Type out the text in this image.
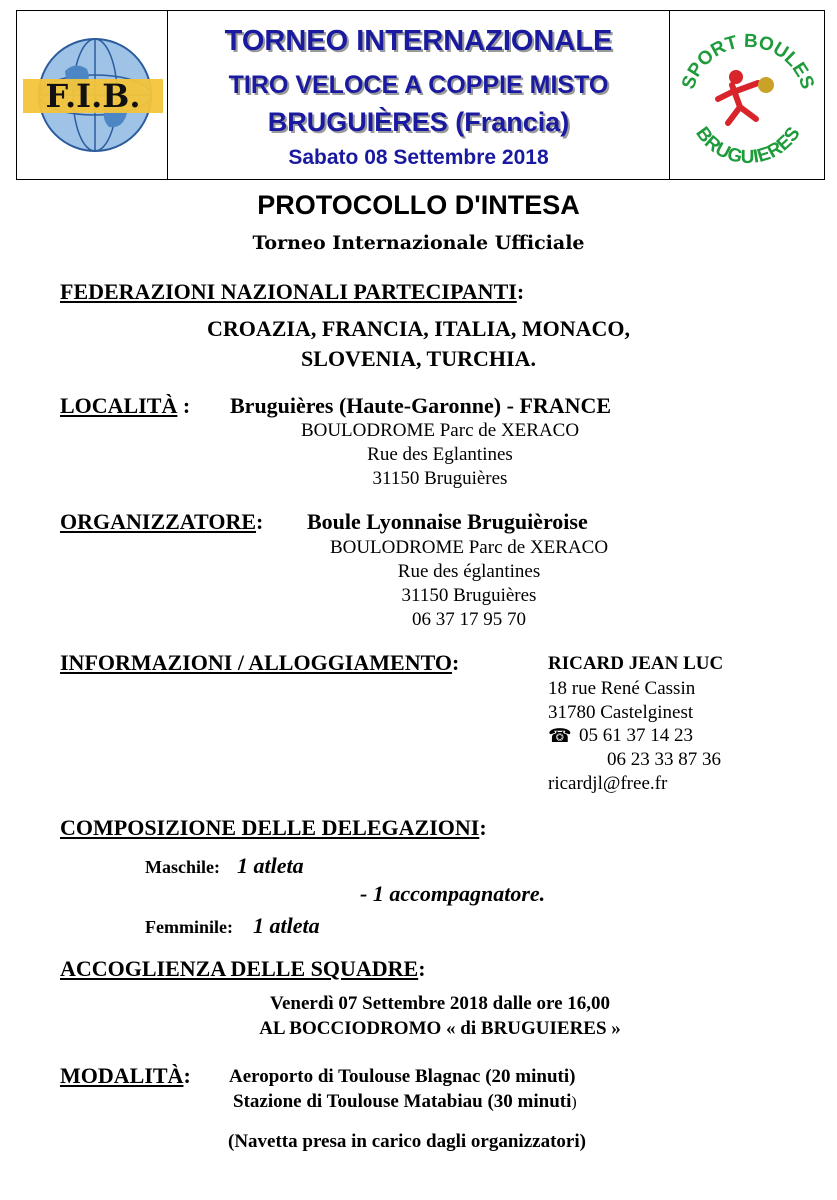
F.I.B.
TORNEO INTERNAZIONALE
TIRO VELOCE A COPPIE MISTO
BRUGUIÈRES (Francia)
Sabato 08 Settembre 2018
SPORT BOULES
BRUGUIERES
PROTOCOLLO D'INTESA
Torneo Internazionale Ufficiale
FEDERAZIONI NAZIONALI PARTECIPANTI:
CROAZIA, FRANCIA, ITALIA, MONACO,
SLOVENIA, TURCHIA.
LOCALITÀ : Bruguières (Haute-Garonne) - FRANCE
BOULODROME Parc de XERACO
Rue des Eglantines
31150 Bruguières
ORGANIZZATORE: Boule Lyonnaise Bruguièroise
BOULODROME Parc de XERACO
Rue des églantines
31150 Bruguières
06 37 17 95 70
INFORMAZIONI / ALLOGGIAMENTO:	RICARD JEAN LUC
18 rue René Cassin
31780 Castelginest
☎ 05 61 37 14 23
06 23 33 87 36
ricardjl@free.fr
COMPOSIZIONE DELLE DELEGAZIONI:
Maschile: 1 atleta
- 1 accompagnatore.
Femminile: 1 atleta
ACCOGLIENZA DELLE SQUADRE:
Venerdì 07 Settembre 2018 dalle ore 16,00
AL BOCCIODROMO « di BRUGUIERES »
MODALITÀ: Aeroporto di Toulouse Blagnac (20 minuti)
Stazione di Toulouse Matabiau (30 minuti)
(Navetta presa in carico dagli organizzatori)
